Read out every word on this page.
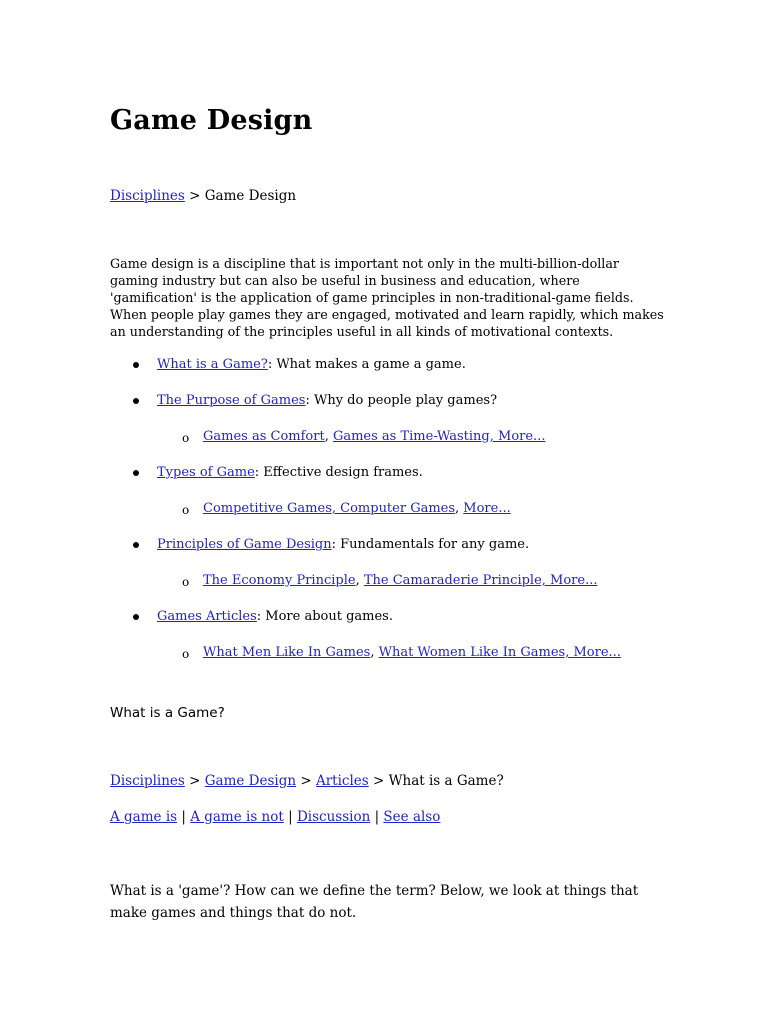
Game Design
Disciplines > Game Design

Game design is a discipline that is important not only in the multi-billion-dollar gaming industry but can also be useful in business and education, where 'gamification' is the application of game principles in non-traditional-game fields. When people play games they are engaged, motivated and learn rapidly, which makes an understanding of the principles useful in all kinds of motivational contexts.

What is a Game?: What makes a game a game.
The Purpose of Games: Why do people play games?
o Games as Comfort, Games as Time-Wasting, More...
Types of Game: Effective design frames.
o Competitive Games, Computer Games, More...
Principles of Game Design: Fundamentals for any game.
o The Economy Principle, The Camaraderie Principle, More...
Games Articles: More about games.
o What Men Like In Games, What Women Like In Games, More...
What is a Game?
Disciplines > Game Design > Articles > What is a Game?
A game is | A game is not | Discussion | See also

What is a 'game'? How can we define the term? Below, we look at things that make games and things that do not.
